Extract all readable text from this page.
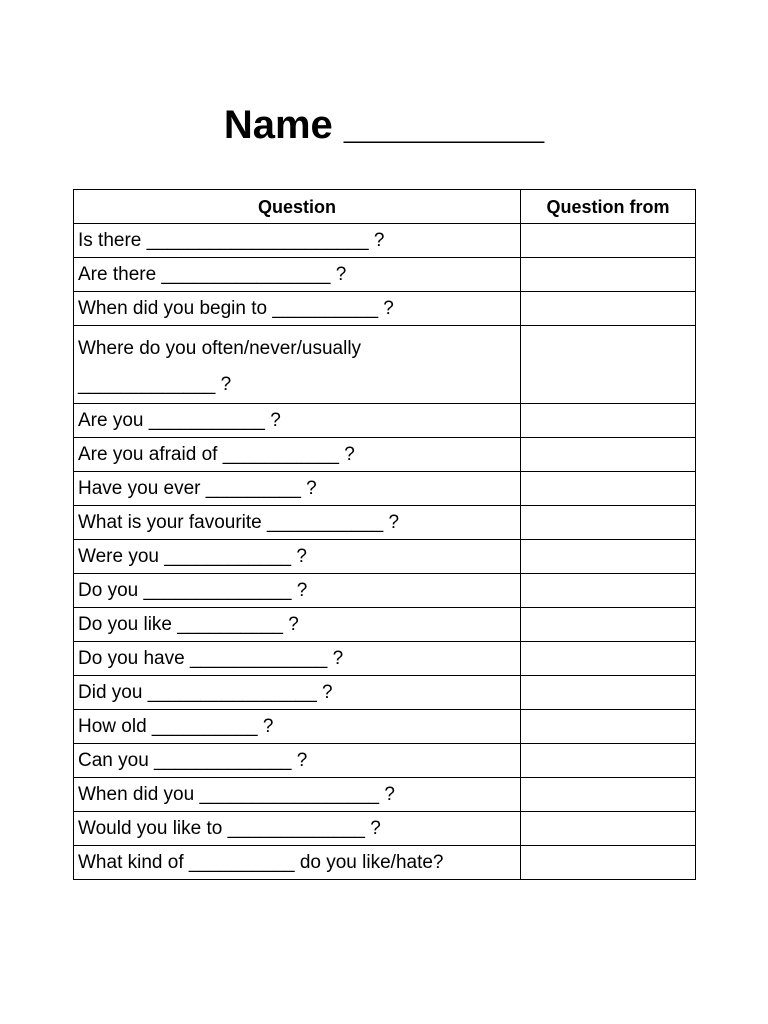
Name _________
Question	Question from
Is there _____________________ ?	
Are there ________________ ?	
When did you begin to __________ ?	

Where do you often/never/usually
_____________ ?	

Are you ___________ ?	
Are you afraid of ___________ ?	
Have you ever _________ ?	
What is your favourite ___________ ?	
Were you ____________ ?	
Do you ______________ ?	
Do you like __________ ?	
Do you have _____________ ?	
Did you ________________ ?	
How old __________ ?	
Can you _____________ ?	
When did you _________________ ?	
Would you like to _____________ ?	
What kind of __________ do you like/hate?	
